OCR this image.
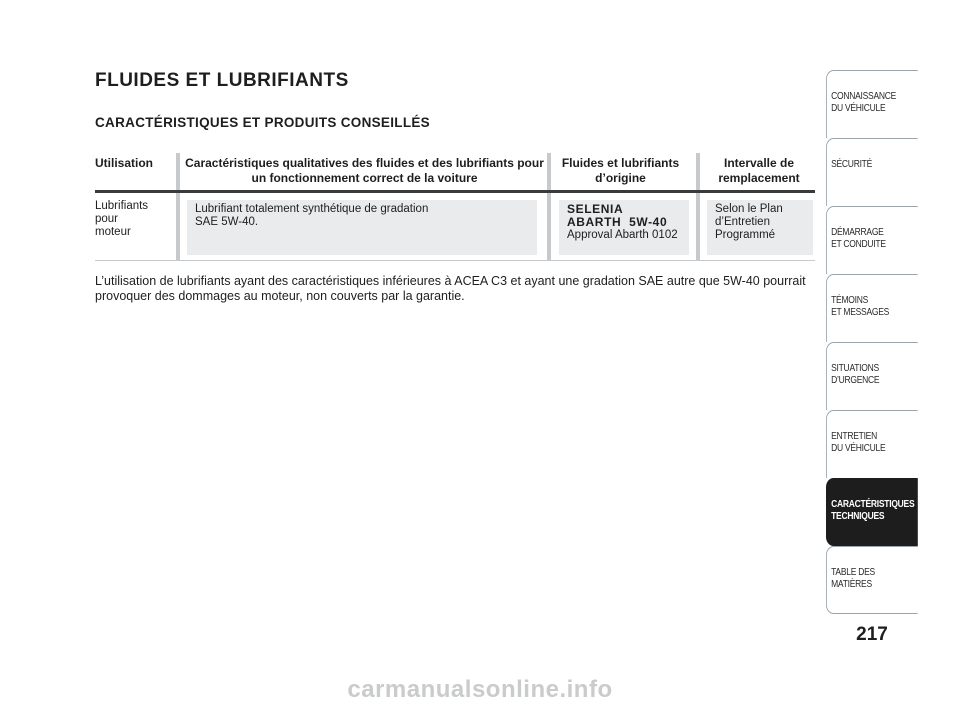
FLUIDES ET LUBRIFIANTS
CARACTÉRISTIQUES ET PRODUITS CONSEILLÉS
Utilisation	Caractéristiques qualitatives des fluides et des lubrifiants pour un fonctionnement correct de la voiture
Fluides et lubrifiants d’origine
Intervalle de remplacement
Lubrifiants
pour
moteur
Lubrifiant totalement synthétique de gradation
SAE 5W-40.
SELENIA
ABARTH  5W-40
Approval Abarth 0102
Selon le Plan
d’Entretien
Programmé

L’utilisation de lubrifiants ayant des caractéristiques inférieures à ACEA C3 et ayant une gradation SAE autre que 5W-40 pourrait provoquer des dommages au moteur, non couverts par la garantie.

CONNAISSANCE
DU VÉHICULE
SÉCURITÉ
DÉMARRAGE
ET CONDUITE
TÉMOINS
ET MESSAGES
SITUATIONS
D’URGENCE
ENTRETIEN
DU VÉHICULE
CARACTÉRISTIQUES
TECHNIQUES
TABLE DES
MATIÈRES
217
carmanualsonline.info
